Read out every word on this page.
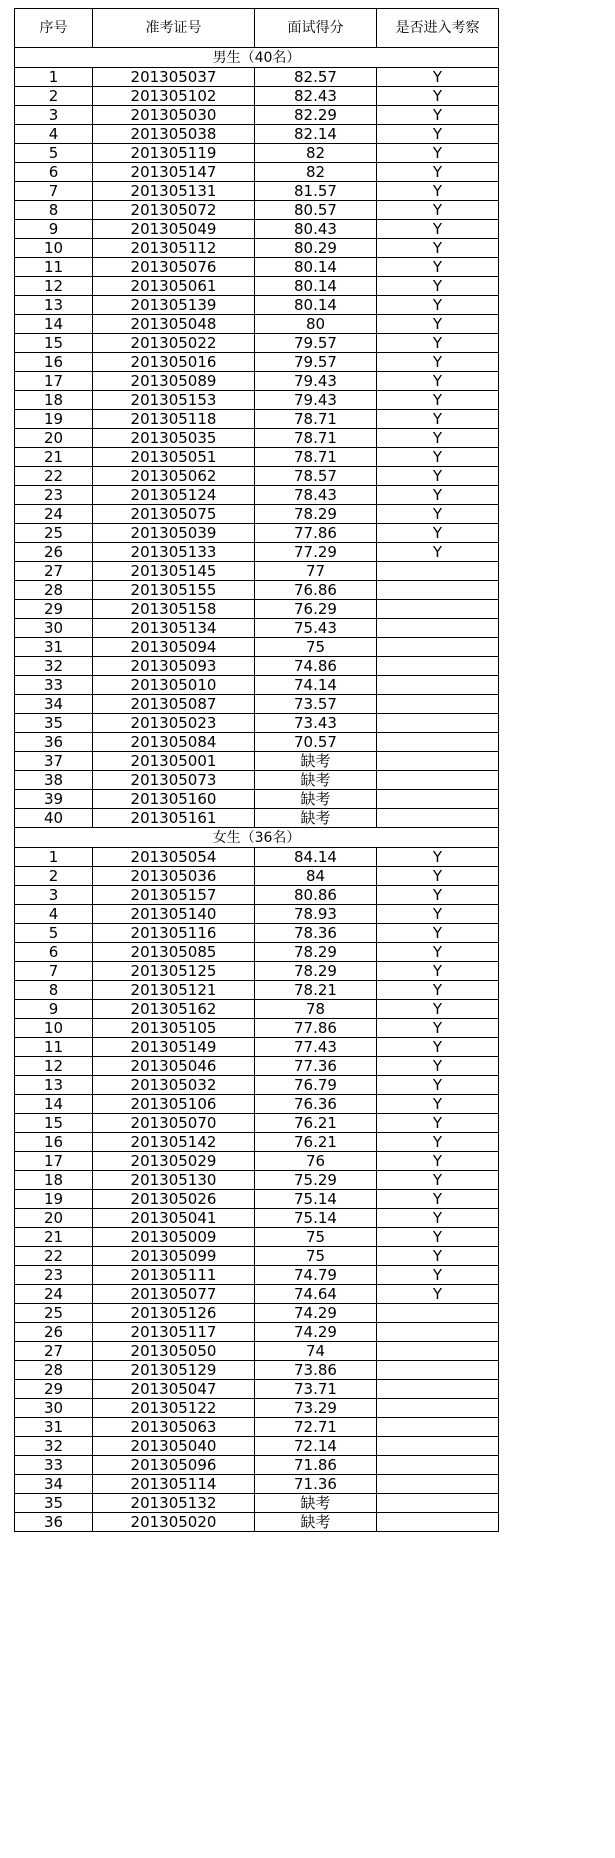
序号	准考证号	面试得分	是否进入考察
男生（40名）			
1	201305037	82.57	Y
2	201305102	82.43	Y
3	201305030	82.29	Y
4	201305038	82.14	Y
5	201305119	82	Y
6	201305147	82	Y
7	201305131	81.57	Y
8	201305072	80.57	Y
9	201305049	80.43	Y
10	201305112	80.29	Y
11	201305076	80.14	Y
12	201305061	80.14	Y
13	201305139	80.14	Y
14	201305048	80	Y
15	201305022	79.57	Y
16	201305016	79.57	Y
17	201305089	79.43	Y
18	201305153	79.43	Y
19	201305118	78.71	Y
20	201305035	78.71	Y
21	201305051	78.71	Y
22	201305062	78.57	Y
23	201305124	78.43	Y
24	201305075	78.29	Y
25	201305039	77.86	Y
26	201305133	77.29	Y
27	201305145	77	
28	201305155	76.86	
29	201305158	76.29	
30	201305134	75.43	
31	201305094	75	
32	201305093	74.86	
33	201305010	74.14	
34	201305087	73.57	
35	201305023	73.43	
36	201305084	70.57	
37	201305001	缺考	
38	201305073	缺考	
39	201305160	缺考	
40	201305161	缺考	
女生（36名）			
1	201305054	84.14	Y
2	201305036	84	Y
3	201305157	80.86	Y
4	201305140	78.93	Y
5	201305116	78.36	Y
6	201305085	78.29	Y
7	201305125	78.29	Y
8	201305121	78.21	Y
9	201305162	78	Y
10	201305105	77.86	Y
11	201305149	77.43	Y
12	201305046	77.36	Y
13	201305032	76.79	Y
14	201305106	76.36	Y
15	201305070	76.21	Y
16	201305142	76.21	Y
17	201305029	76	Y
18	201305130	75.29	Y
19	201305026	75.14	Y
20	201305041	75.14	Y
21	201305009	75	Y
22	201305099	75	Y
23	201305111	74.79	Y
24	201305077	74.64	Y
25	201305126	74.29	
26	201305117	74.29	
27	201305050	74	
28	201305129	73.86	
29	201305047	73.71	
30	201305122	73.29	
31	201305063	72.71	
32	201305040	72.14	
33	201305096	71.86	
34	201305114	71.36	
35	201305132	缺考	
36	201305020	缺考	
